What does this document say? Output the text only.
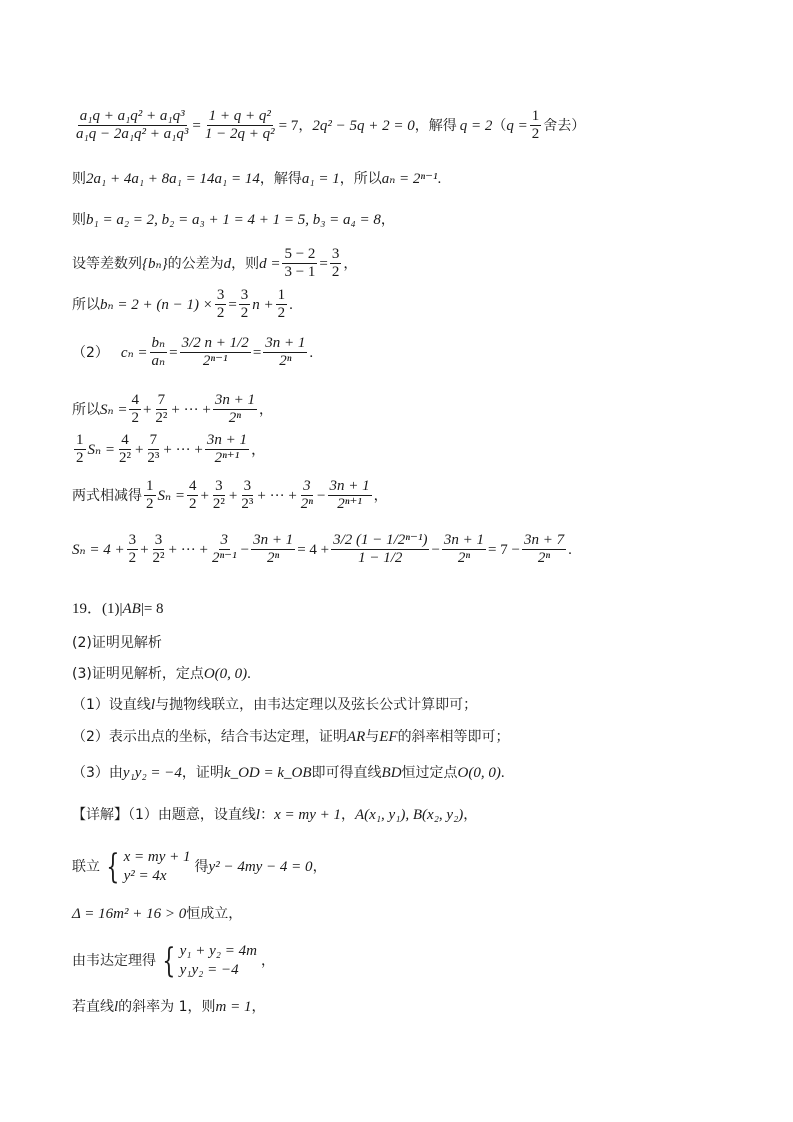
$\frac{\text{a₁q + a₁q² + a₁q³}}{\text{a₁q − 2a₁q² + a₁q³}} = \frac{\text{1 + q + q²}}{\text{1 − 2q + q²}} = 7$ ， 2q² − 5q + 2 = 0 ，解得 q = 2 （ $q = \frac{1}{2}$ 舍去）
则 2a₁ + 4a₁ + 8a₁ = 14a₁ = 14 ，解得 a₁ = 1 ，所以 aₙ = 2ⁿ⁻¹ .
则 b₁ = a₂ = 2, b₂ = a₃ + 1 = 4 + 1 = 5, b₃ = a₄ = 8 ，
设等差数列 {bₙ} 的公差为 d ，则 $d = \frac{5 - 2}{3 - 1} = \frac{3}{2}$ ，
所以 $b_n = 2 + (n - 1) \times \frac{3}{2} = \frac{3}{2}$ $n + \frac{1}{2}$ .
（2） $c_n = \frac{\text{bₙ}}{\text{aₙ}} = \frac{3/2 n + 1/2}{\text{2ⁿ⁻¹}} = \frac{3n + 1}{\text{2ⁿ}}$ .
所以 $S_n = \frac{4}{2} + \frac{7}{\text{2²}}$ + ··· + $\frac{3n + 1}{\text{2ⁿ}}$ ，
$\frac{1}{2}$ $S_n = \frac{4}{\text{2²}} + \frac{7}{\text{2³}}$ + ··· + $\frac{3n + 1}{\text{2ⁿ⁺¹}}$ ，
两式相减得 $\frac{1}{2}$ $S_n = \frac{4}{2} + \frac{3}{\text{2²}} + \frac{3}{\text{2³}}$ + ··· + $\frac{3}{\text{2ⁿ}} - \frac{3n + 1}{\text{2ⁿ⁺¹}}$ ，
$S_n = 4 + \frac{3}{2} + \frac{3}{\text{2²}}$ + ··· + $\frac{3}{\text{2ⁿ⁻¹}} - \frac{3n + 1}{\text{2ⁿ}} = 4 + \frac{\text{3/2 (1 − 1/2ⁿ⁻¹)}}{1 - 1/2} - \frac{3n + 1}{\text{2ⁿ}} = 7 - \frac{3n + 7}{\text{2ⁿ}}$ .
19．(1)| AB |= 8
(2)证明见解析
(3)证明见解析，定点 O(0, 0) .
（1）设直线 l 与抛物线联立，由韦达定理以及弦长公式计算即可；
（2）表示出点的坐标，结合韦达定理，证明 AR 与 EF 的斜率相等即可；
（3）由 y₁y₂ = −4 ，证明 k_OD = k_OB 即可得直线 BD 恒过定点 O(0, 0) .
【详解】（1）由题意，设直线 l ： x = my + 1 ， A(x₁, y₁), B(x₂, y₂) ，
联立 { x = my + 1
y² = 4x
得 y² − 4my − 4 = 0 ，
Δ = 16m² + 16 > 0 恒成立，
由韦达定理得 { y₁ + y₂ = 4m
y₁y₂ = −4
，
若直线 l 的斜率为 1，则 m = 1 ，
